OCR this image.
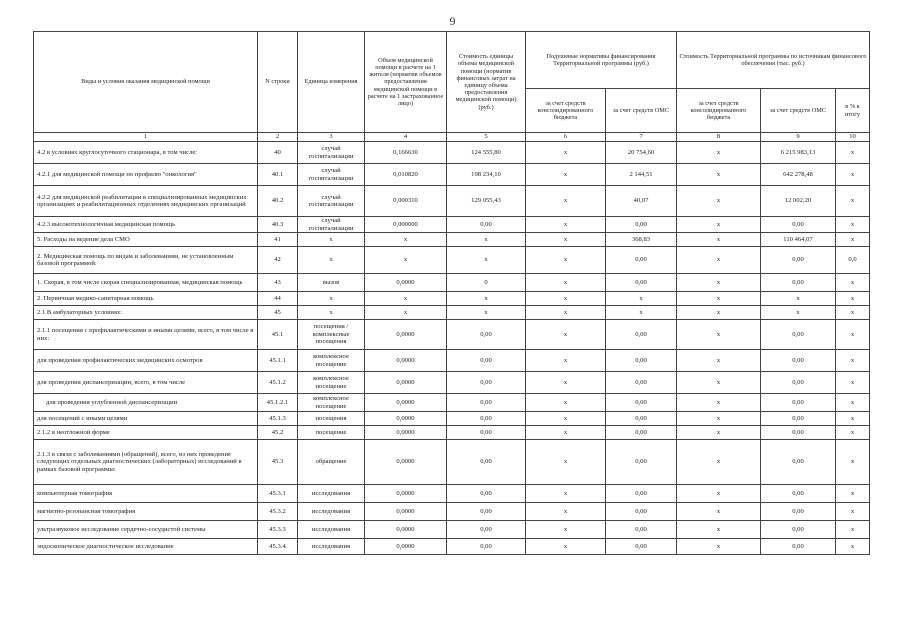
9
Виды и условия оказания медицинской помощи	N строки	Единица измерения	Объем медицинской помощи в расчете на 1 жителя (норматив объемов предоставления медицинской помощи в расчете на 1 застрахованное лицо)	Стоимость единицы объема медицинской помощи (норматив финансовых затрат на единицу объема предоставления медицинской помощи) (руб.)	Подушевые нормативы финансирования Территориальной программы (руб.)		Стоимость Территориальной программы по источникам финансового обеспечения (тыс. руб.)		
					за счет средств консолидированного бюджета	за счет средств ОМС	за счет средств консолидированного бюджета	за счет средств ОМС	в % к итогу
1	2	3	4	5	6	7	8	9	10
4.2 в условиях круглосуточного стационара, в том числе:	40	случай госпитализации	0,166630	124 555,80	x	20 754,60	x	6 215 983,13	x
4.2.1 для медицинской помощи по профилю "онкология"	40.1	случай госпитализации	0,010820	198 234,10	x	2 144,51	x	642 278,48	x
4.2.2 для медицинской реабилитации в специализированных медицинских организациях и реабилитационных отделениях медицинских организаций	40.2	случай госпитализации	0,000310	129 055,43	x	40,07	x	12 002,20	x
4.2.3 высокотехнологичная медицинская помощь	40.3	случай госпитализации	0,000000	0,00	x	0,00	x	0,00	x
5. Расходы на ведение дела СМО	41	x	x	x	x	368,83	x	110 464,07	x
2. Медицинская помощь по видам и заболеваниям, не установленным базовой программой:	42	x	x	x	x	0,00	x	0,00	0,0
1. Скорая, в том числе скорая специализированная, медицинская помощь	43	вызов	0,0000	0	x	0,00	x	0,00	x
2. Первичная медико-санитарная помощь	44	x	x	x	x	x	x	x	x
2.1 В амбулаторных условиях:	45	x	x	x	x	x	x	x	x
2.1.1 посещения с профилактическими и иными целями, всего, в том числе в них:	45.1	посещения / комплексные посещения	0,0000	0,00	x	0,00	x	0,00	x
для проведения профилактических медицинских осмотров	45.1.1	комплексное посещение	0,0000	0,00	x	0,00	x	0,00	x
для проведения диспансеризации, всего, в том числе	45.1.2	комплексное посещение	0,0000	0,00	x	0,00	x	0,00	x
для проведения углубленной диспансеризации	45.1.2.1	комплексное посещение	0,0000	0,00	x	0,00	x	0,00	x
для посещений с иными целями	45.1.3	посещения	0,0000	0,00	x	0,00	x	0,00	x
2.1.2 в неотложной форме	45.2	посещение	0,0000	0,00	x	0,00	x	0,00	x
2.1.3 в связи с заболеваниями (обращений), всего, из них проведение следующих отдельных диагностических (лабораторных) исследований в рамках базовой программы:	45.3	обращение	0,0000	0,00	x	0,00	x	0,00	x
компьютерная томография	45.3.1	исследования	0,0000	0,00	x	0,00	x	0,00	x
магнитно-резонансная томография	45.3.2	исследования	0,0000	0,00	x	0,00	x	0,00	x
ультразвуковое исследование сердечно-сосудистой системы	45.3.3	исследования	0,0000	0,00	x	0,00	x	0,00	x
эндоскопическое диагностическое исследование	45.3.4	исследования	0,0000	0,00	x	0,00	x	0,00	x
